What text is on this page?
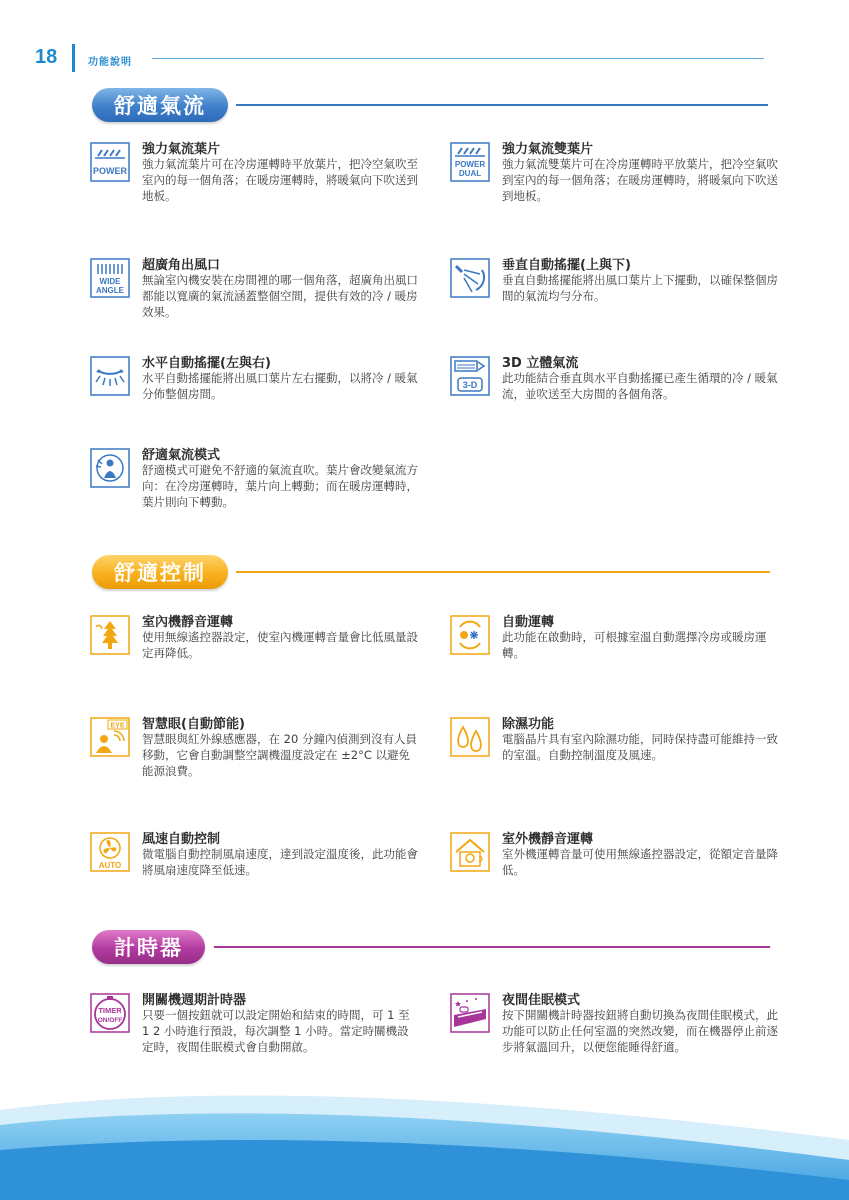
18	功能說明
舒適氣流
POWER
強力氣流葉片
強力氣流葉片可在冷房運轉時平放葉片，把冷空氣吹至室內的每一個角落；在暖房運轉時，將暖氣向下吹送到地板。
POWER
DUAL
強力氣流雙葉片
強力氣流雙葉片可在冷房運轉時平放葉片，把冷空氣吹到室內的每一個角落；在暖房運轉時，將暖氣向下吹送到地板。
WIDE
ANGLE
超廣角出風口
無論室內機安裝在房間裡的哪一個角落，超廣角出風口都能以寬廣的氣流涵蓋整個空間，提供有效的冷 / 暖房效果。
垂直自動搖擺(上與下)
垂直自動搖擺能將出風口葉片上下擺動，以確保整個房間的氣流均勻分布。
水平自動搖擺(左與右)
水平自動搖擺能將出風口葉片左右擺動，以將冷 / 暖氣分佈整個房間。
3-D
3D 立體氣流
此功能結合垂直與水平自動搖擺已產生循環的冷 / 暖氣流，並吹送至大房間的各個角落。
舒適氣流模式
舒適模式可避免不舒適的氣流直吹。葉片會改變氣流方向：在冷房運轉時，葉片向上轉動；而在暖房運轉時，葉片則向下轉動。
舒適控制
室內機靜音運轉
使用無線遙控器設定，使室內機運轉音量會比低風量設定再降低。
自動運轉
此功能在啟動時，可根據室溫自動選擇冷房或暖房運轉。
EYE 智慧眼(自動節能)
智慧眼與紅外線感應器，在 20 分鐘內偵測到沒有人員移動，它會自動調整空調機溫度設定在 ±2°C 以避免能源浪費。
除濕功能
電腦晶片具有室內除濕功能，同時保持盡可能維持一致的室溫。自動控制溫度及風速。
AUTO
風速自動控制
微電腦自動控制風扇速度，達到設定溫度後，此功能會將風扇速度降至低速。
室外機靜音運轉
室外機運轉音量可使用無線遙控器設定，從額定音量降低。
計時器
TIMER
ON/OFF
開關機週期計時器
只要一個按鈕就可以設定開始和結束的時間，可 1 至 1 2 小時進行預設，每次調整 1 小時。當定時關機設定時，夜間佳眠模式會自動開啟。
夜間佳眠模式
按下開關機計時器按鈕將自動切換為夜間佳眠模式，此功能可以防止任何室溫的突然改變，而在機器停止前逐步將氣溫回升，以便您能睡得舒適。
